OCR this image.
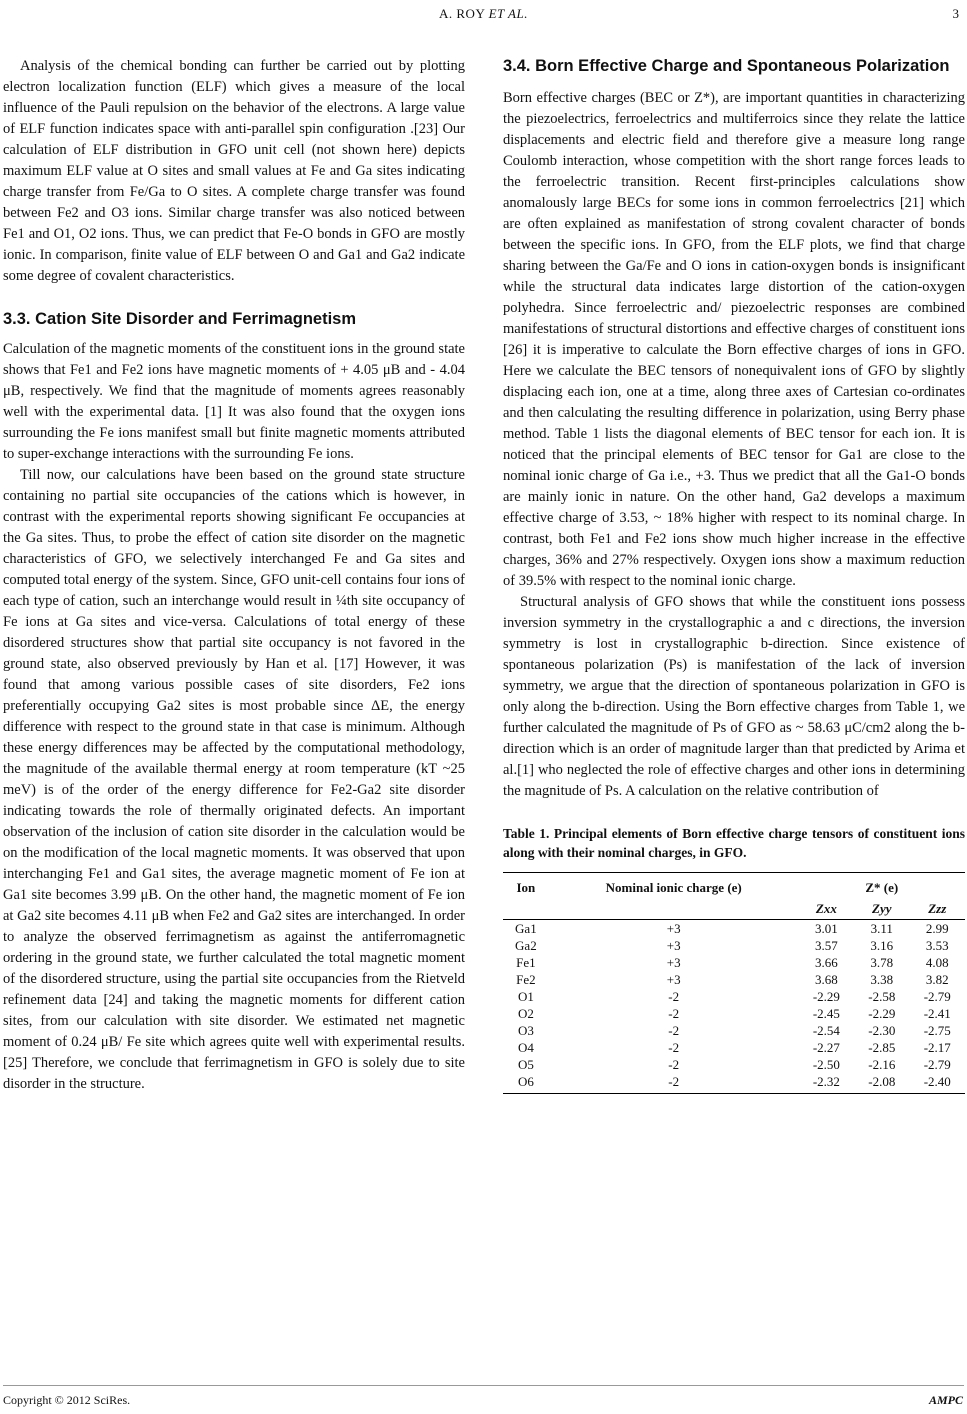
A. ROY ET AL.	3

Analysis of the chemical bonding can further be carried out by plotting electron localization function (ELF) which gives a measure of the local influence of the Pauli repulsion on the behavior of the electrons. A large value of ELF function indicates space with anti-parallel spin configuration .[23] Our calculation of ELF distribution in GFO unit cell (not shown here) depicts maximum ELF value at O sites and small values at Fe and Ga sites indicating charge transfer from Fe/Ga to O sites. A complete charge transfer was found between Fe2 and O3 ions. Similar charge transfer was also noticed between Fe1 and O1, O2 ions. Thus, we can predict that Fe-O bonds in GFO are mostly ionic. In comparison, finite value of ELF between O and Ga1 and Ga2 indicate some degree of covalent characteristics.

3.3. Cation Site Disorder and Ferrimagnetism

Calculation of the magnetic moments of the constituent ions in the ground state shows that Fe1 and Fe2 ions have magnetic moments of + 4.05 μB and - 4.04 μB, respectively. We find that the magnitude of moments agrees reasonably well with the experimental data. [1] It was also found that the oxygen ions surrounding the Fe ions manifest small but finite magnetic moments attributed to super-exchange interactions with the surrounding Fe ions.

Till now, our calculations have been based on the ground state structure containing no partial site occupancies of the cations which is however, in contrast with the experimental reports showing significant Fe occupancies at the Ga sites. Thus, to probe the effect of cation site disorder on the magnetic characteristics of GFO, we selectively interchanged Fe and Ga sites and computed total energy of the system. Since, GFO unit-cell contains four ions of each type of cation, such an interchange would result in ¼th site occupancy of Fe ions at Ga sites and vice-versa. Calculations of total energy of these disordered structures show that partial site occupancy is not favored in the ground state, also observed previously by Han et al. [17] However, it was found that among various possible cases of site disorders, Fe2 ions preferentially occupying Ga2 sites is most probable since ΔE, the energy difference with respect to the ground state in that case is minimum. Although these energy differences may be affected by the computational methodology, the magnitude of the available thermal energy at room temperature (kT ~25 meV) is of the order of the energy difference for Fe2-Ga2 site disorder indicating towards the role of thermally originated defects. An important observation of the inclusion of cation site disorder in the calculation would be on the modification of the local magnetic moments. It was observed that upon interchanging Fe1 and Ga1 sites, the average magnetic moment of Fe ion at Ga1 site becomes 3.99 μB. On the other hand, the magnetic moment of Fe ion at Ga2 site becomes 4.11 μB when Fe2 and Ga2 sites are interchanged. In order to analyze the observed ferrimagnetism as against the antiferromagnetic ordering in the ground state, we further calculated the total magnetic moment of the disordered structure, using the partial site occupancies from the Rietveld refinement data [24] and taking the magnetic moments for different cation sites, from our calculation with site disorder. We estimated net magnetic moment of 0.24 μB/ Fe site which agrees quite well with experimental results. [25] Therefore, we conclude that ferrimagnetism in GFO is solely due to site disorder in the structure.

3.4. Born Effective Charge and Spontaneous Polarization

Born effective charges (BEC or Z*), are important quantities in characterizing the piezoelectrics, ferroelectrics and multiferroics since they relate the lattice displacements and electric field and therefore give a measure long range Coulomb interaction, whose competition with the short range forces leads to the ferroelectric transition. Recent first-principles calculations show anomalously large BECs for some ions in common ferroelectrics [21] which are often explained as manifestation of strong covalent character of bonds between the specific ions. In GFO, from the ELF plots, we find that charge sharing between the Ga/Fe and O ions in cation-oxygen bonds is insignificant while the structural data indicates large distortion of the cation-oxygen polyhedra. Since ferroelectric and/ piezoelectric responses are combined manifestations of structural distortions and effective charges of constituent ions [26] it is imperative to calculate the Born effective charges of ions in GFO. Here we calculate the BEC tensors of nonequivalent ions of GFO by slightly displacing each ion, one at a time, along three axes of Cartesian co-ordinates and then calculating the resulting difference in polarization, using Berry phase method. Table 1 lists the diagonal elements of BEC tensor for each ion. It is noticed that the principal elements of BEC tensor for Ga1 are close to the nominal ionic charge of Ga i.e., +3. Thus we predict that all the Ga1-O bonds are mainly ionic in nature. On the other hand, Ga2 develops a maximum effective charge of 3.53, ~ 18% higher with respect to its nominal charge. In contrast, both Fe1 and Fe2 ions show much higher increase in the effective charges, 36% and 27% respectively. Oxygen ions show a maximum reduction of 39.5% with respect to the nominal ionic charge.

Structural analysis of GFO shows that while the constituent ions possess inversion symmetry in the crystallographic a and c directions, the inversion symmetry is lost in crystallographic b-direction. Since existence of spontaneous polarization (Ps) is manifestation of the lack of inversion symmetry, we argue that the direction of spontaneous polarization in GFO is only along the b-direction. Using the Born effective charges from Table 1, we further calculated the magnitude of Ps of GFO as ~ 58.63 μC/cm2 along the b-direction which is an order of magnitude larger than that predicted by Arima et al.[1] who neglected the role of effective charges and other ions in determining the magnitude of Ps. A calculation on the relative contribution of

Table 1. Principal elements of Born effective charge tensors of constituent ions along with their nominal charges, in GFO.
Ion	Nominal ionic charge (e)	Z* (e)		
		Zxx	Zyy	Zzz
Ga1	+3	3.01	3.11	2.99
Ga2	+3	3.57	3.16	3.53
Fe1	+3	3.66	3.78	4.08
Fe2	+3	3.68	3.38	3.82
O1	-2	-2.29	-2.58	-2.79
O2	-2	-2.45	-2.29	-2.41
O3	-2	-2.54	-2.30	-2.75
O4	-2	-2.27	-2.85	-2.17
O5	-2	-2.50	-2.16	-2.79
O6	-2	-2.32	-2.08	-2.40
Copyright © 2012 SciRes.	AMPC
